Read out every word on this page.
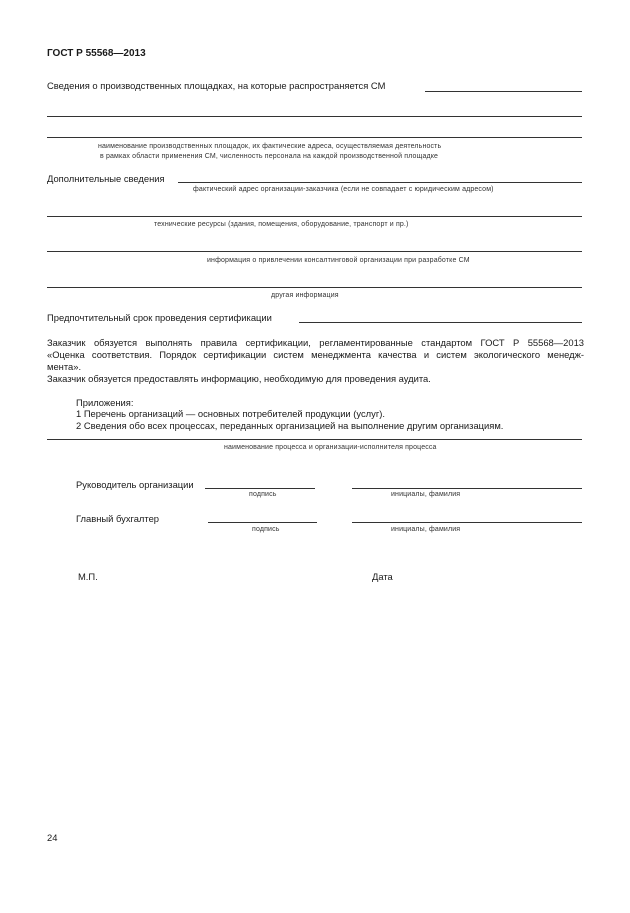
ГОСТ Р 55568—2013
Сведения о производственных площадках, на которые распространяется СМ
наименование производственных площадок, их фактические адреса, осуществляемая деятельность
в рамках области применения СМ, численность персонала на каждой производственной площадке
Дополнительные сведения
фактический адрес организации-заказчика (если не совпадает с юридическим адресом)
технические ресурсы (здания, помещения, оборудование, транспорт и пр.)
информация о привлечении консалтинговой организации при разработке СМ
другая информация
Предпочтительный срок проведения сертификации
Заказчик обязуется выполнять правила сертификации, регламентированные стандартом ГОСТ Р 55568—2013
«Оценка соответствия. Порядок сертификации систем менеджмента качества и систем экологического менедж-
мента».
Заказчик обязуется предоставлять информацию, необходимую для проведения аудита.
Приложения:
1 Перечень организаций — основных потребителей продукции (услуг).
2 Сведения обо всех процессах, переданных организацией на выполнение другим организациям.
наименование процесса и организации-исполнителя процесса
Руководитель организации
подпись	инициалы, фамилия
Главный бухгалтер
подпись	инициалы, фамилия
М.П.	Дата
24
